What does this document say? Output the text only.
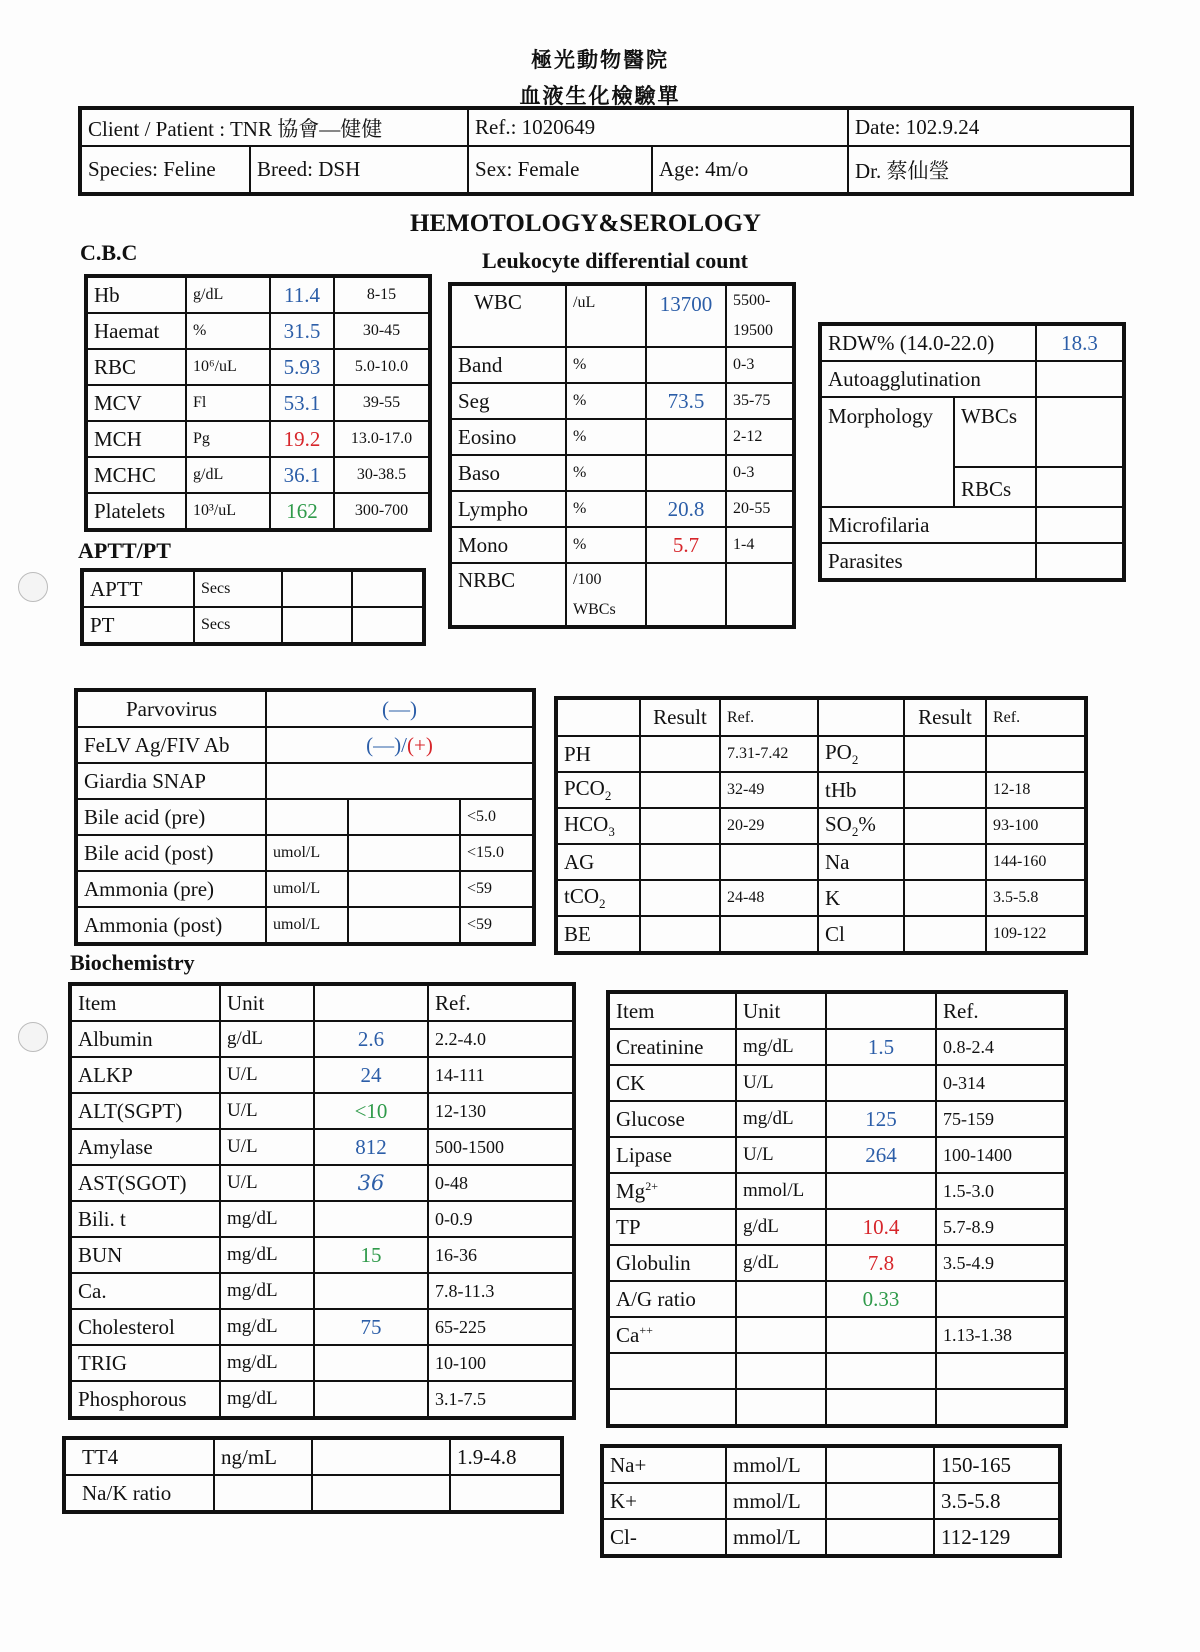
極光動物醫院
血液生化檢驗單
Client / Patient : TNR 協會—健健		Ref.: 1020649		Date: 102.9.24
Species: Feline	Breed: DSH	Sex: Female	Age: 4m/o	Dr. 蔡仙瑩
HEMOTOLOGY&SEROLOGY
C.B.C	Leukocyte differential count
Hb	g/dL	11.4	8-15
Haemat	%	31.5	30-45
RBC	10⁶/uL	5.93	5.0-10.0
MCV	Fl	53.1	39-55
MCH	Pg	19.2	13.0-17.0
MCHC	g/dL	36.1	30-38.5
Platelets	10³/uL	162	300-700
APTT/PT
APTT	Secs		
PT	Secs		
WBC	/uL	13700	5500-
19500

Band	%		0-3
Seg	%	73.5	35-75
Eosino	%		2-12
Baso	%		0-3
Lympho	%	20.8	20-55
Mono	%	5.7	1-4
NRBC	/100
WBCs		

RDW% (14.0-22.0)		18.3
Autoagglutination		
Morphology	WBCs	
	RBCs	
Microfilaria		
Parasites		
Parvovirus	(—)		
FeLV Ag/FIV Ab	(—)/(+)		
Giardia SNAP			
Bile acid (pre)			<5.0
Bile acid (post)	umol/L		<15.0
Ammonia (pre)	umol/L		<59
Ammonia (post)	umol/L		<59
	Result	Ref.		Result	Ref.
PH		7.31-7.42	$PO_2$		
$PCO_2$		32-49	tHb		12-18
$HCO_3$		20-29	$SO_2\%$		93-100
AG			Na		144-160
tCO$_2$		24-48	K		3.5-5.8
BE			Cl		109-122
Biochemistry
Item	Unit		Ref.
Albumin	g/dL	2.6	2.2-4.0
ALKP	U/L	24	14-111
ALT(SGPT)	U/L	<10	12-130
Amylase	U/L	812	500-1500
AST(SGOT)	U/L	36	0-48
Bili. t	mg/dL		0-0.9
BUN	mg/dL	15	16-36
Ca.	mg/dL		7.8-11.3
Cholesterol	mg/dL	75	65-225
TRIG	mg/dL		10-100
Phosphorous	mg/dL		3.1-7.5
Item	Unit		Ref.
Creatinine	mg/dL	1.5	0.8-2.4
CK	U/L		0-314
Glucose	mg/dL	125	75-159
Lipase	U/L	264	100-1400
$Mg^{2+}$	mmol/L		1.5-3.0
TP	g/dL	10.4	5.7-8.9
Globulin	g/dL	7.8	3.5-4.9
A/G ratio		0.33	
Ca++			1.13-1.38

TT4	ng/mL		1.9-4.8
Na/K ratio			
Na+	mmol/L		150-165
K+	mmol/L		3.5-5.8
Cl-	mmol/L		112-129
